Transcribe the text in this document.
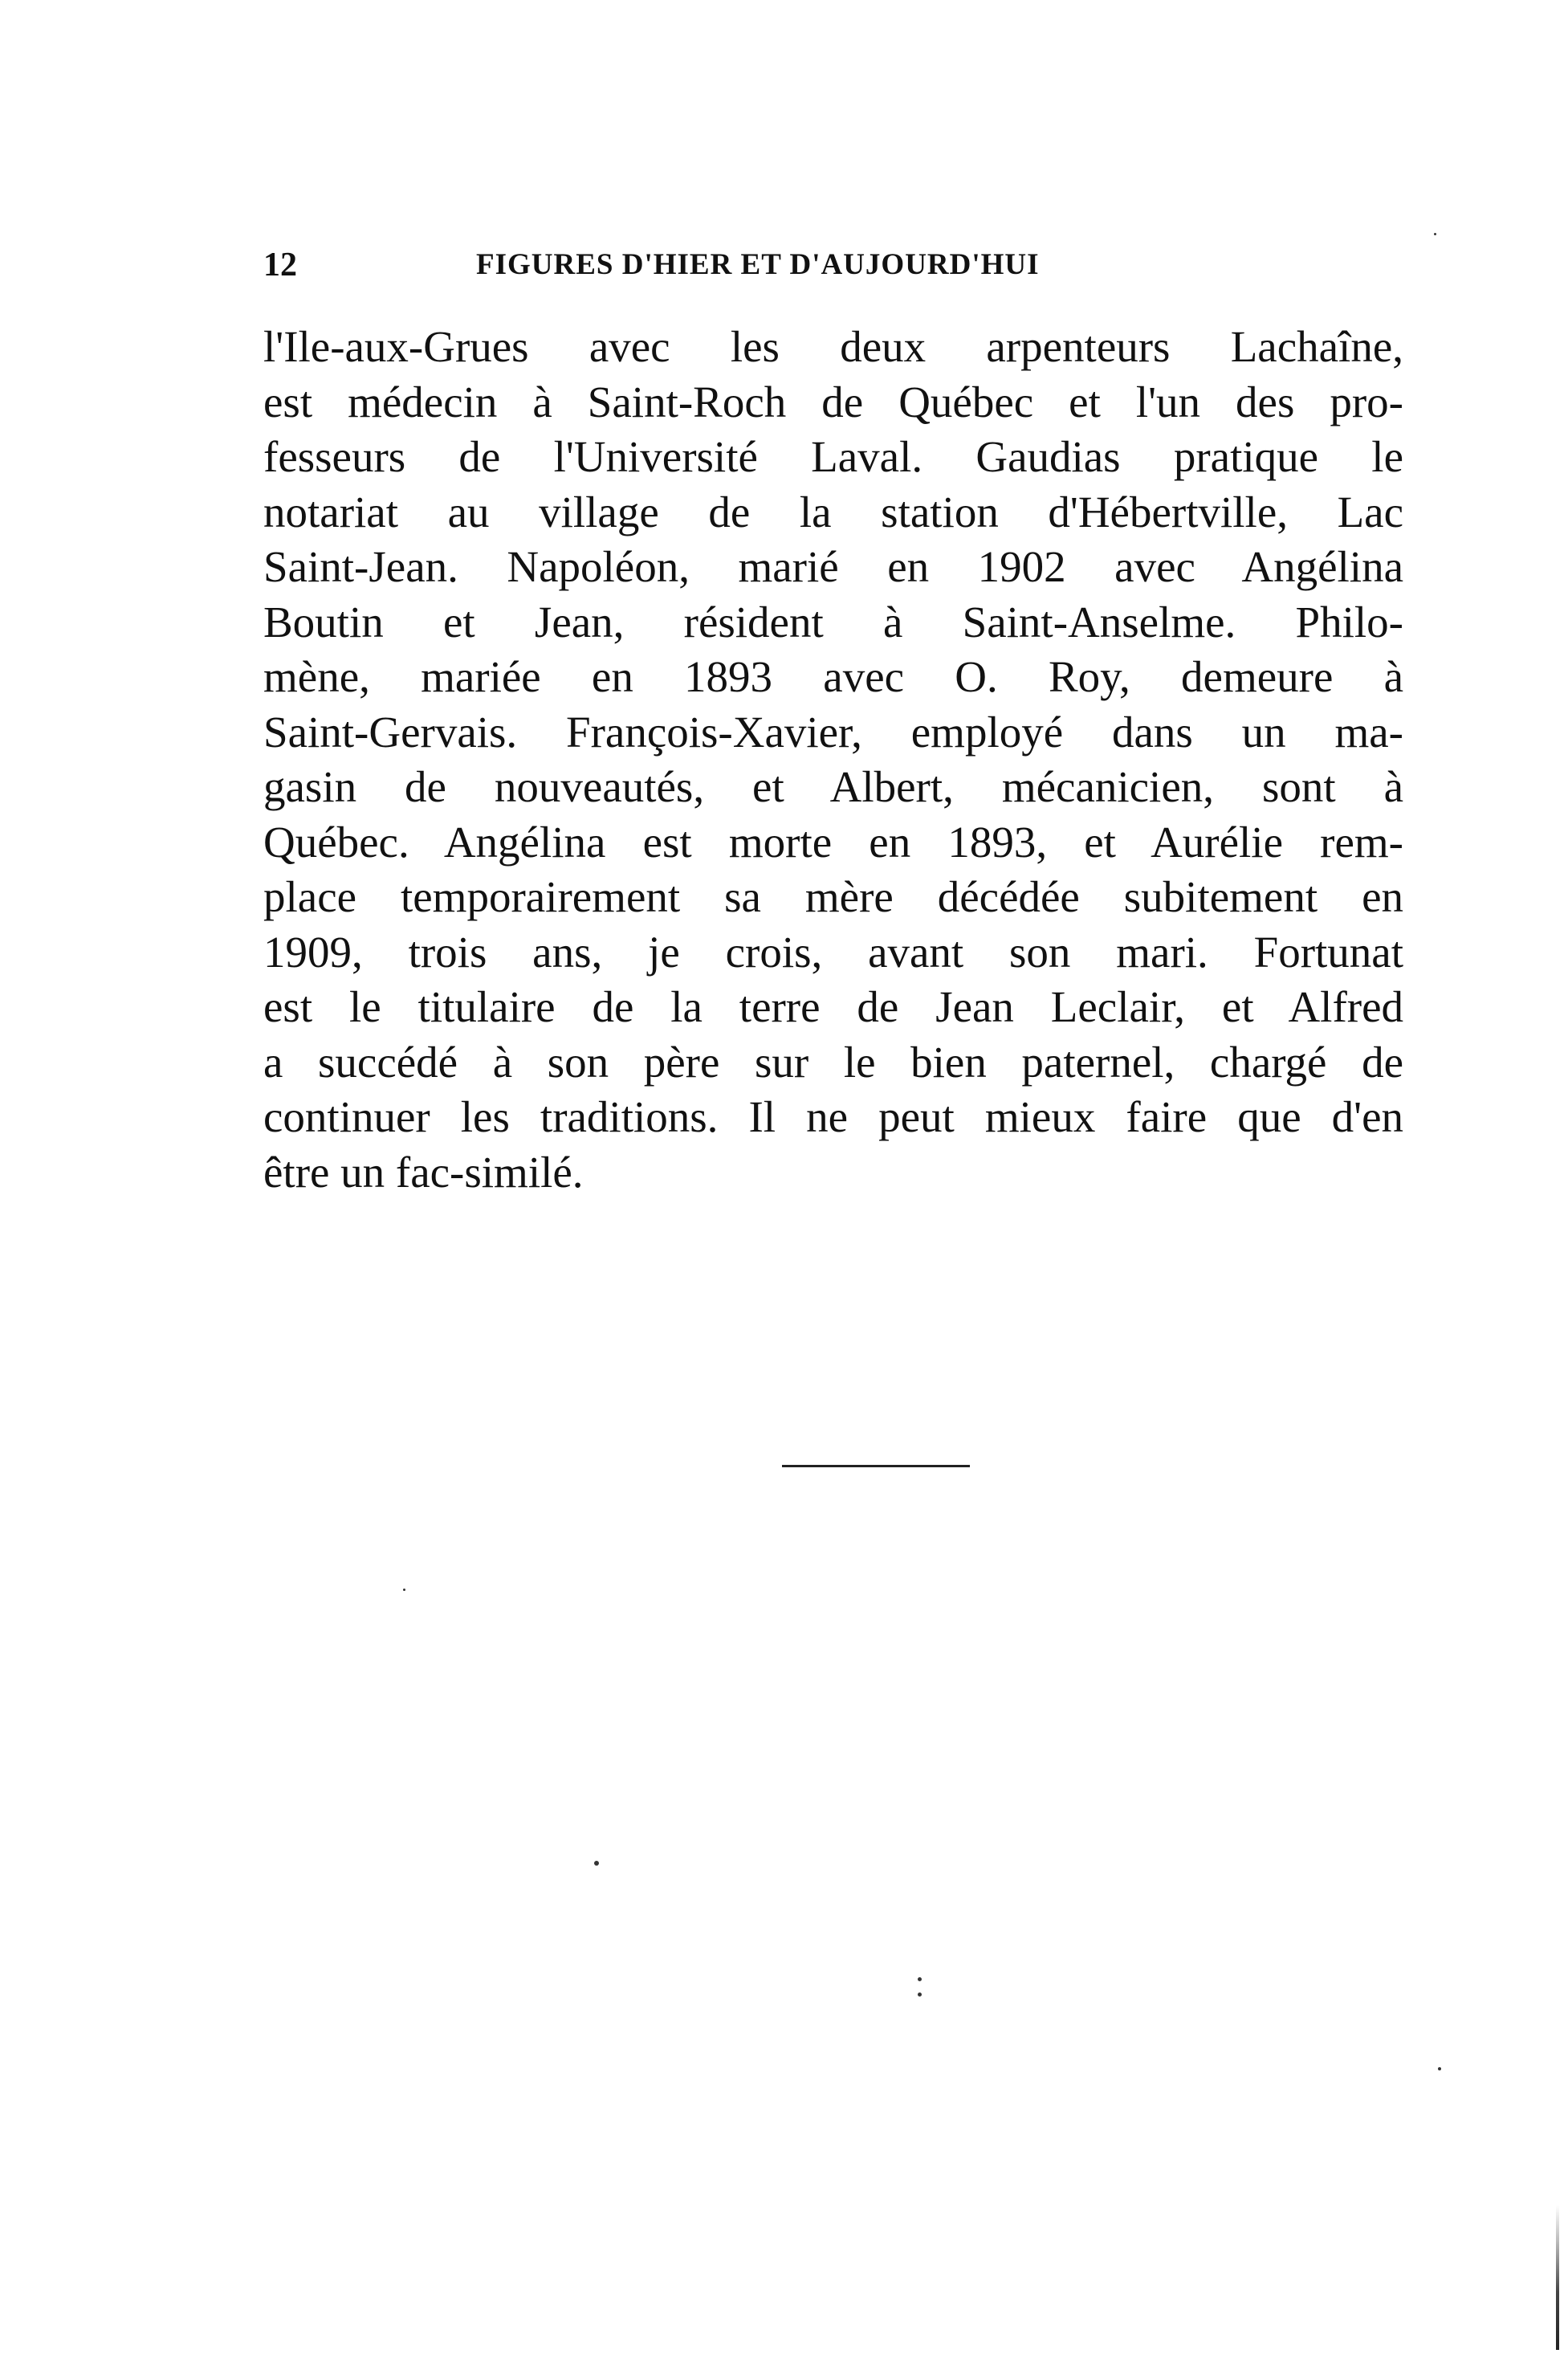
12	FIGURES D'HIER ET D'AUJOURD'HUI

l'Ile-aux-Grues avec les deux arpenteurs Lachaîne,
est médecin à Saint-Roch de Québec et l'un des pro-
fesseurs de l'Université Laval. Gaudias pratique le
notariat au village de la station d'Hébertville, Lac
Saint-Jean. Napoléon, marié en 1902 avec Angélina
Boutin et Jean, résident à Saint-Anselme. Philo-
mène, mariée en 1893 avec O. Roy, demeure à
Saint-Gervais. François-Xavier, employé dans un ma-
gasin de nouveautés, et Albert, mécanicien, sont à
Québec. Angélina est morte en 1893, et Aurélie rem-
place temporairement sa mère décédée subitement en
1909, trois ans, je crois, avant son mari. Fortunat
est le titulaire de la terre de Jean Leclair, et Alfred
a succédé à son père sur le bien paternel, chargé de
continuer les traditions. Il ne peut mieux faire que d'en
être un fac-similé.
